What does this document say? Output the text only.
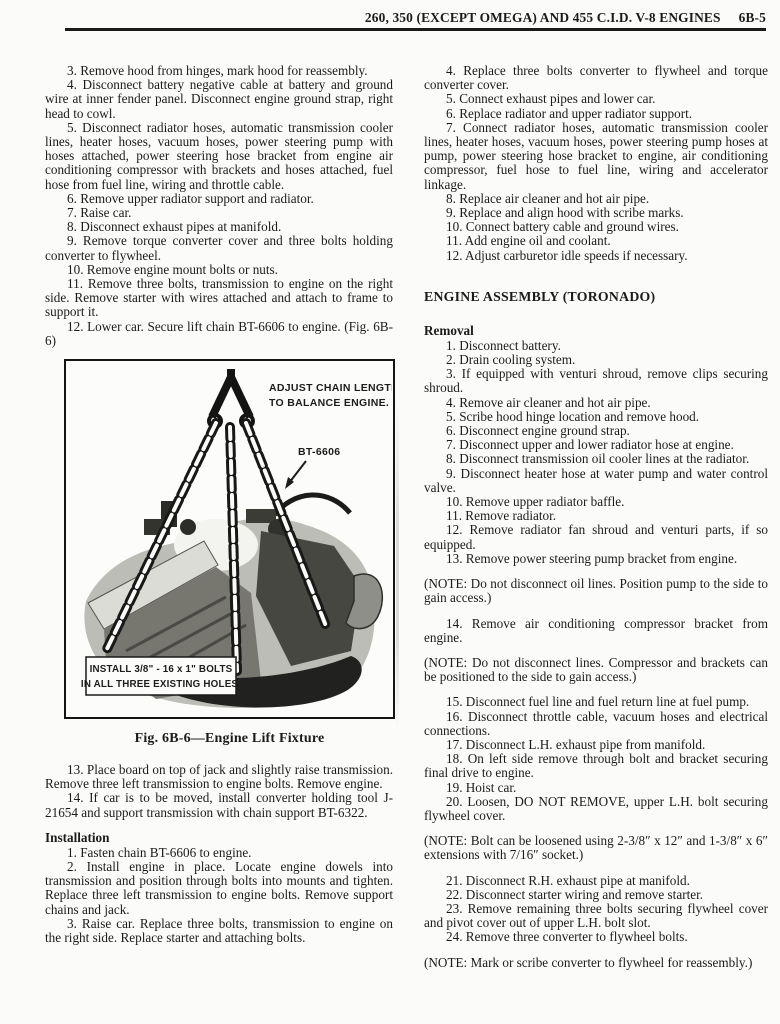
260, 350 (EXCEPT OMEGA) AND 455 C.I.D. V-8 ENGINES 6B-5

3. Remove hood from hinges, mark hood for reassembly.

4. Disconnect battery negative cable at battery and ground wire at inner fender panel. Disconnect engine ground strap, right head to cowl.

5. Disconnect radiator hoses, automatic transmission cooler lines, heater hoses, vacuum hoses, power steering pump with hoses attached, power steering hose bracket from engine air conditioning compressor with brackets and hoses attached, fuel hose from fuel line, wiring and throttle cable.

6. Remove upper radiator support and radiator.

7. Raise car.

8. Disconnect exhaust pipes at manifold.

9. Remove torque converter cover and three bolts holding converter to flywheel.

10. Remove engine mount bolts or nuts.

11. Remove three bolts, transmission to engine on the right side. Remove starter with wires attached and attach to frame to support it.

12. Lower car. Secure lift chain BT-6606 to engine. (Fig. 6B-6)

ADJUST CHAIN LENGTH
TO BALANCE ENGINE.
BT-6606
INSTALL 3/8" - 16 x 1" BOLTS
IN ALL THREE EXISTING HOLES.
Fig. 6B-6—Engine Lift Fixture

13. Place board on top of jack and slightly raise transmission. Remove three left transmission to engine bolts. Remove engine.

14. If car is to be moved, install converter holding tool J-21654 and support transmission with chain support BT-6322.

Installation

1. Fasten chain BT-6606 to engine.

2. Install engine in place. Locate engine dowels into transmission and position through bolts into mounts and tighten. Replace three left transmission to engine bolts. Remove support chains and jack.

3. Raise car. Replace three bolts, transmission to engine on the right side. Replace starter and attaching bolts.

4. Replace three bolts converter to flywheel and torque converter cover.

5. Connect exhaust pipes and lower car.

6. Replace radiator and upper radiator support.

7. Connect radiator hoses, automatic transmission cooler lines, heater hoses, vacuum hoses, power steering pump hoses at pump, power steering hose bracket to engine, air conditioning compressor, fuel hose to fuel line, wiring and accelerator linkage.

8. Replace air cleaner and hot air pipe.

9. Replace and align hood with scribe marks.

10. Connect battery cable and ground wires.

11. Add engine oil and coolant.

12. Adjust carburetor idle speeds if necessary.

ENGINE ASSEMBLY (TORONADO)
Removal

1. Disconnect battery.

2. Drain cooling system.

3. If equipped with venturi shroud, remove clips securing shroud.

4. Remove air cleaner and hot air pipe.

5. Scribe hood hinge location and remove hood.

6. Disconnect engine ground strap.

7. Disconnect upper and lower radiator hose at engine.

8. Disconnect transmission oil cooler lines at the radiator.

9. Disconnect heater hose at water pump and water control valve.

10. Remove upper radiator baffle.

11. Remove radiator.

12. Remove radiator fan shroud and venturi parts, if so equipped.

13. Remove power steering pump bracket from engine.

(NOTE: Do not disconnect oil lines. Position pump to the side to gain access.)

14. Remove air conditioning compressor bracket from engine.

(NOTE: Do not disconnect lines. Compressor and brackets can be positioned to the side to gain access.)

15. Disconnect fuel line and fuel return line at fuel pump.

16. Disconnect throttle cable, vacuum hoses and electrical connections.

17. Disconnect L.H. exhaust pipe from manifold.

18. On left side remove through bolt and bracket securing final drive to engine.

19. Hoist car.

20. Loosen, DO NOT REMOVE, upper L.H. bolt securing flywheel cover.

(NOTE: Bolt can be loosened using 2-3/8″ x 12″ and 1-3/8″ x 6″ extensions with 7/16″ socket.)

21. Disconnect R.H. exhaust pipe at manifold.

22. Disconnect starter wiring and remove starter.

23. Remove remaining three bolts securing flywheel cover and pivot cover out of upper L.H. bolt slot.

24. Remove three converter to flywheel bolts.

(NOTE: Mark or scribe converter to flywheel for reassembly.)
